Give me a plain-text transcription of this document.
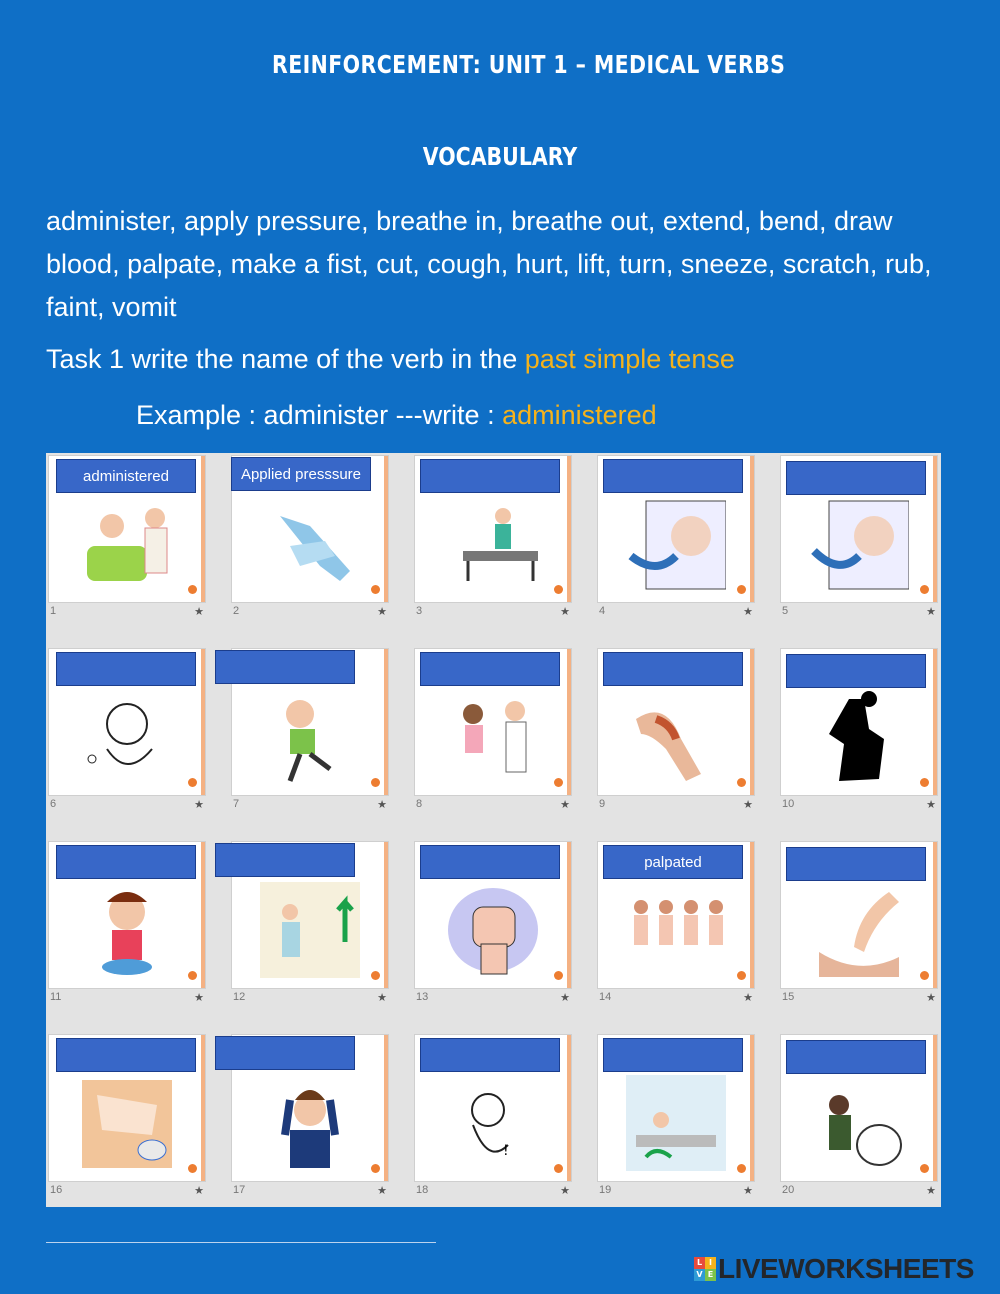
REINFORCEMENT: UNIT 1 – MEDICAL VERBS
VOCABULARY
administer, apply pressure, breathe in, breathe out, extend, bend, draw blood, palpate, make a fist, cut, cough, hurt, lift, turn, sneeze, scratch, rub, faint, vomit
Task 1 write the name of the verb in the past simple tense
Example : administer ---write : administered
1	★
administered
2	★
Applied presssure
3	★	4	★	5	★
6	★	7	★	8	★	9	★	10	★
11	★	12	★	13	★	14	★
palpated
15	★
16	★	17	★
!
18	★	19	★	20	★
L I
V E LIVEWORKSHEETS
